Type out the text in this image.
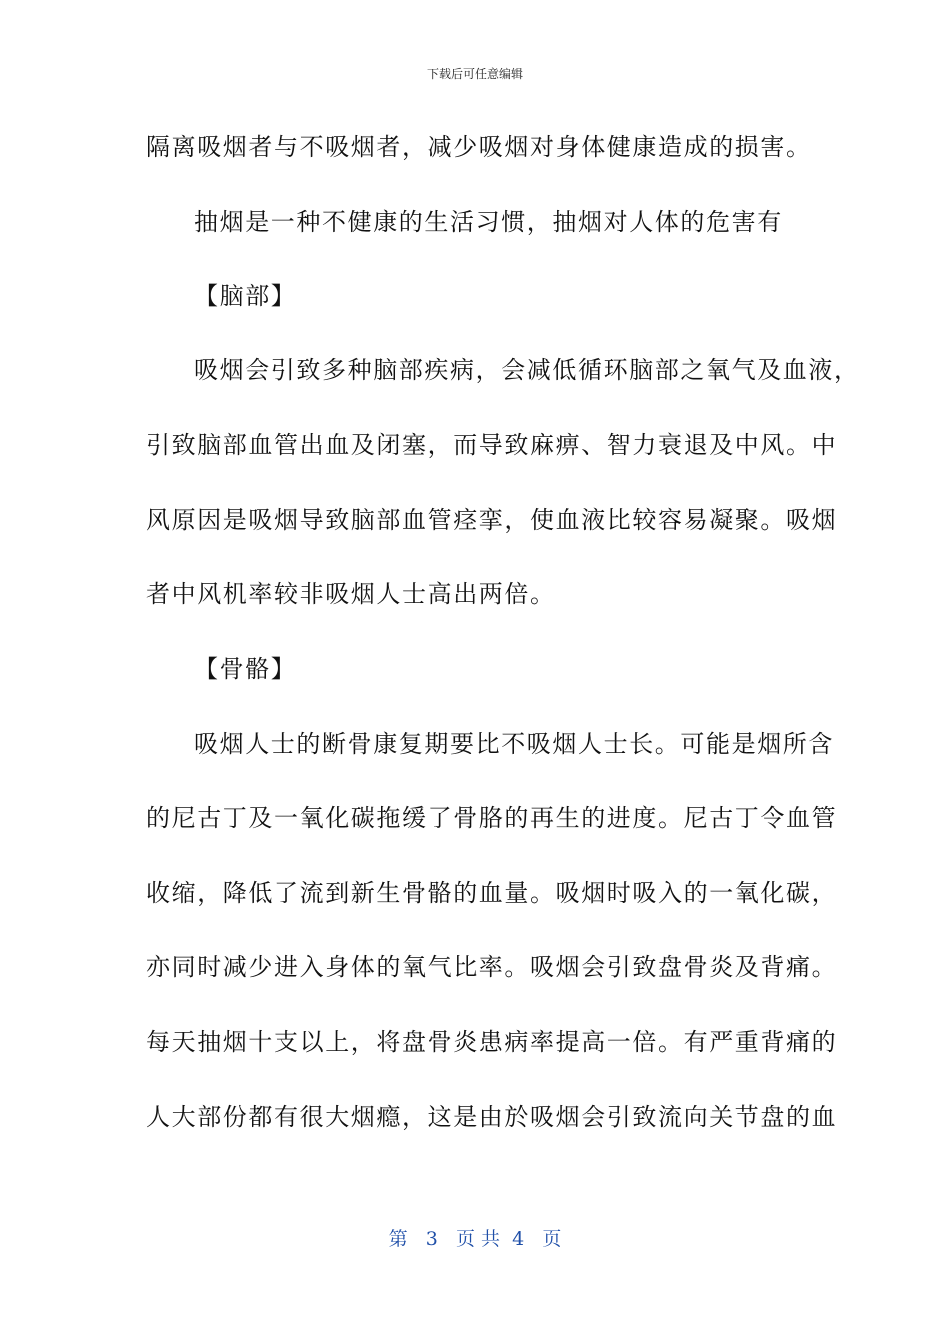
下载后可任意编辑
隔离吸烟者与不吸烟者，减少吸烟对身体健康造成的损害。
抽烟是一种不健康的生活习惯，抽烟对人体的危害有
【脑部】
吸烟会引致多种脑部疾病，会减低循环脑部之氧气及血液，
引致脑部血管出血及闭塞，而导致麻痹、智力衰退及中风。中
风原因是吸烟导致脑部血管痉挛，使血液比较容易凝聚。吸烟
者中风机率较非吸烟人士高出两倍。
【骨骼】
吸烟人士的断骨康复期要比不吸烟人士长。可能是烟所含
的尼古丁及一氧化碳拖缓了骨胳的再生的进度。尼古丁令血管
收缩，降低了流到新生骨骼的血量。吸烟时吸入的一氧化碳，
亦同时减少进入身体的氧气比率。吸烟会引致盘骨炎及背痛。
每天抽烟十支以上，将盘骨炎患病率提高一倍。有严重背痛的
人大部份都有很大烟瘾，这是由於吸烟会引致流向关节盘的血
第 3 页 共 4 页
